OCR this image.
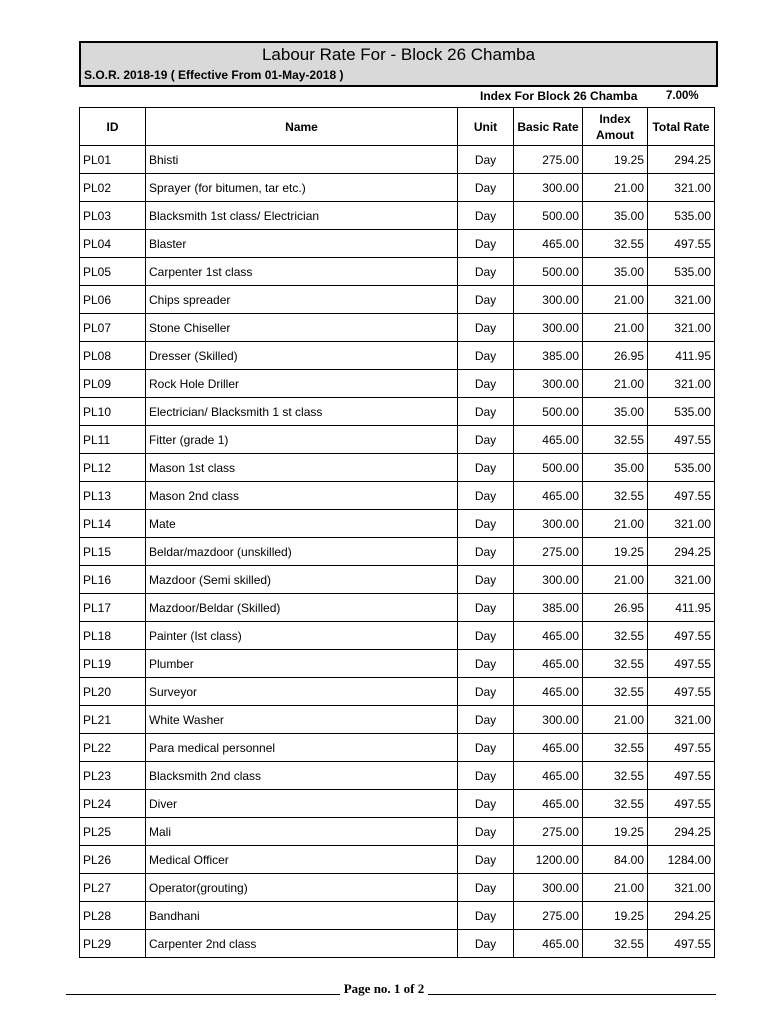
Labour Rate For - Block 26 Chamba
S.O.R. 2018-19 ( Effective From 01-May-2018 )
Index For Block 26 Chamba 7.00%
ID	Name	Unit	Basic Rate	Index Amout	Total Rate
PL01	Bhisti	Day	275.00	19.25	294.25
PL02	Sprayer (for bitumen, tar etc.)	Day	300.00	21.00	321.00
PL03	Blacksmith 1st class/ Electrician	Day	500.00	35.00	535.00
PL04	Blaster	Day	465.00	32.55	497.55
PL05	Carpenter 1st class	Day	500.00	35.00	535.00
PL06	Chips spreader	Day	300.00	21.00	321.00
PL07	Stone Chiseller	Day	300.00	21.00	321.00
PL08	Dresser (Skilled)	Day	385.00	26.95	411.95
PL09	Rock Hole Driller	Day	300.00	21.00	321.00
PL10	Electrician/ Blacksmith 1 st class	Day	500.00	35.00	535.00
PL11	Fitter (grade 1)	Day	465.00	32.55	497.55
PL12	Mason 1st class	Day	500.00	35.00	535.00
PL13	Mason 2nd class	Day	465.00	32.55	497.55
PL14	Mate	Day	300.00	21.00	321.00
PL15	Beldar/mazdoor (unskilled)	Day	275.00	19.25	294.25
PL16	Mazdoor (Semi skilled)	Day	300.00	21.00	321.00
PL17	Mazdoor/Beldar (Skilled)	Day	385.00	26.95	411.95
PL18	Painter (Ist class)	Day	465.00	32.55	497.55
PL19	Plumber	Day	465.00	32.55	497.55
PL20	Surveyor	Day	465.00	32.55	497.55
PL21	White Washer	Day	300.00	21.00	321.00
PL22	Para medical personnel	Day	465.00	32.55	497.55
PL23	Blacksmith 2nd class	Day	465.00	32.55	497.55
PL24	Diver	Day	465.00	32.55	497.55
PL25	Mali	Day	275.00	19.25	294.25
PL26	Medical Officer	Day	1200.00	84.00	1284.00
PL27	Operator(grouting)	Day	300.00	21.00	321.00
PL28	Bandhani	Day	275.00	19.25	294.25
PL29	Carpenter 2nd class	Day	465.00	32.55	497.55
Page no. 1 of 2
